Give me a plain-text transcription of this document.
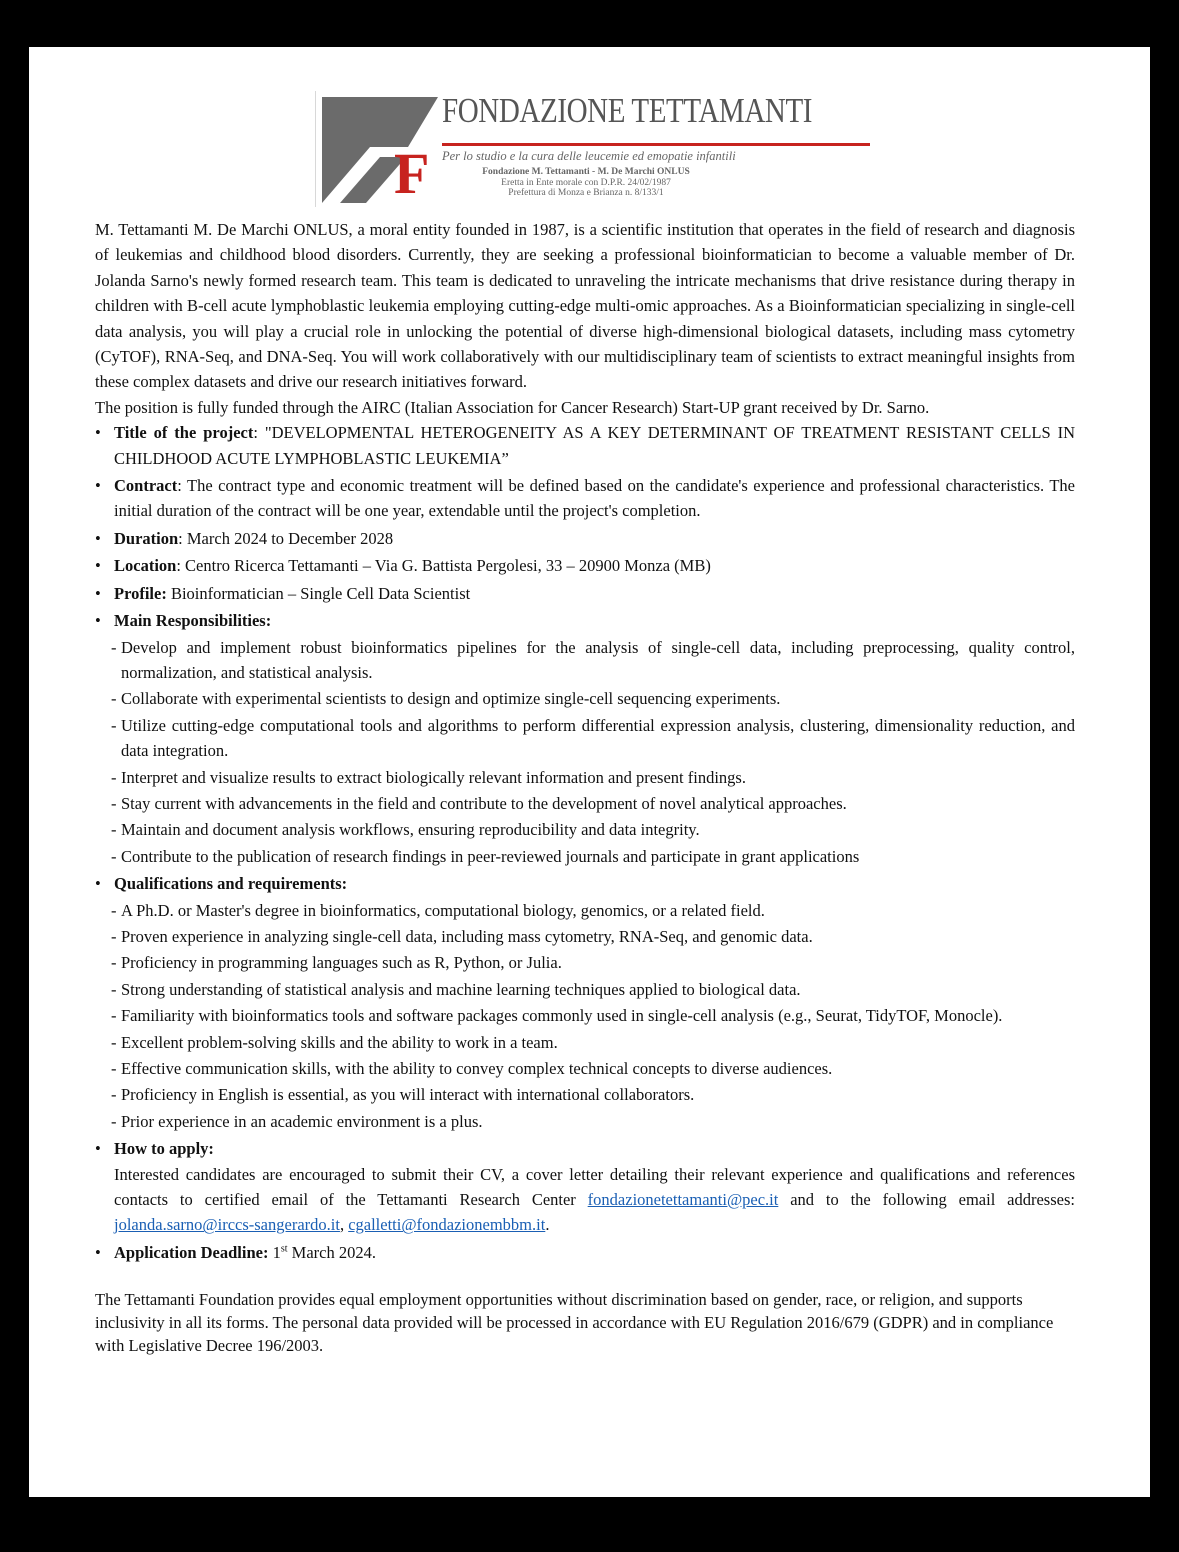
F
FONDAZIONE TETTAMANTI
Per lo studio e la cura delle leucemie ed emopatie infantili
Fondazione M. Tettamanti - M. De Marchi ONLUS
Eretta in Ente morale con D.P.R. 24/02/1987
Prefettura di Monza e Brianza n. 8/133/1

M. Tettamanti M. De Marchi ONLUS, a moral entity founded in 1987, is a scientific institution that operates in the field of research and diagnosis of leukemias and childhood blood disorders. Currently, they are seeking a professional bioinformatician to become a valuable member of Dr. Jolanda Sarno's newly formed research team. This team is dedicated to unraveling the intricate mechanisms that drive resistance during therapy in children with B-cell acute lymphoblastic leukemia employing cutting-edge multi-omic approaches. As a Bioinformatician specializing in single-cell data analysis, you will play a crucial role in unlocking the potential of diverse high-dimensional biological datasets, including mass cytometry (CyTOF), RNA-Seq, and DNA-Seq. You will work collaboratively with our multidisciplinary team of scientists to extract meaningful insights from these complex datasets and drive our research initiatives forward.

The position is fully funded through the AIRC (Italian Association for Cancer Research) Start-UP grant received by Dr. Sarno.

• Title of the project: "DEVELOPMENTAL HETEROGENEITY AS A KEY DETERMINANT OF TREATMENT RESISTANT CELLS IN CHILDHOOD ACUTE LYMPHOBLASTIC LEUKEMIA”
• Contract: The contract type and economic treatment will be defined based on the candidate's experience and professional characteristics. The initial duration of the contract will be one year, extendable until the project's completion.
• Duration: March 2024 to December 2028
• Location: Centro Ricerca Tettamanti – Via G. Battista Pergolesi, 33 – 20900 Monza (MB)
• Profile: Bioinformatician – Single Cell Data Scientist
• Main Responsibilities:
- Develop and implement robust bioinformatics pipelines for the analysis of single-cell data, including preprocessing, quality control, normalization, and statistical analysis.
- Collaborate with experimental scientists to design and optimize single-cell sequencing experiments.
- Utilize cutting-edge computational tools and algorithms to perform differential expression analysis, clustering, dimensionality reduction, and data integration.
- Interpret and visualize results to extract biologically relevant information and present findings.
- Stay current with advancements in the field and contribute to the development of novel analytical approaches.
- Maintain and document analysis workflows, ensuring reproducibility and data integrity.
- Contribute to the publication of research findings in peer-reviewed journals and participate in grant applications
• Qualifications and requirements:
- A Ph.D. or Master's degree in bioinformatics, computational biology, genomics, or a related field.
- Proven experience in analyzing single-cell data, including mass cytometry, RNA-Seq, and genomic data.
- Proficiency in programming languages such as R, Python, or Julia.
- Strong understanding of statistical analysis and machine learning techniques applied to biological data.
- Familiarity with bioinformatics tools and software packages commonly used in single-cell analysis (e.g., Seurat, TidyTOF, Monocle).
- Excellent problem-solving skills and the ability to work in a team.
- Effective communication skills, with the ability to convey complex technical concepts to diverse audiences.
- Proficiency in English is essential, as you will interact with international collaborators.
- Prior experience in an academic environment is a plus.
• How to apply:
Interested candidates are encouraged to submit their CV, a cover letter detailing their relevant experience and qualifications and references contacts to certified email of the Tettamanti Research Center fondazionetettamanti@pec.it and to the following email addresses: jolanda.sarno@irccs-sangerardo.it, cgalletti@fondazionembbm.it.
• Application Deadline: 1st March 2024.

The Tettamanti Foundation provides equal employment opportunities without discrimination based on gender, race, or religion, and supports inclusivity in all its forms. The personal data provided will be processed in accordance with EU Regulation 2016/679 (GDPR) and in compliance with Legislative Decree 196/2003.
